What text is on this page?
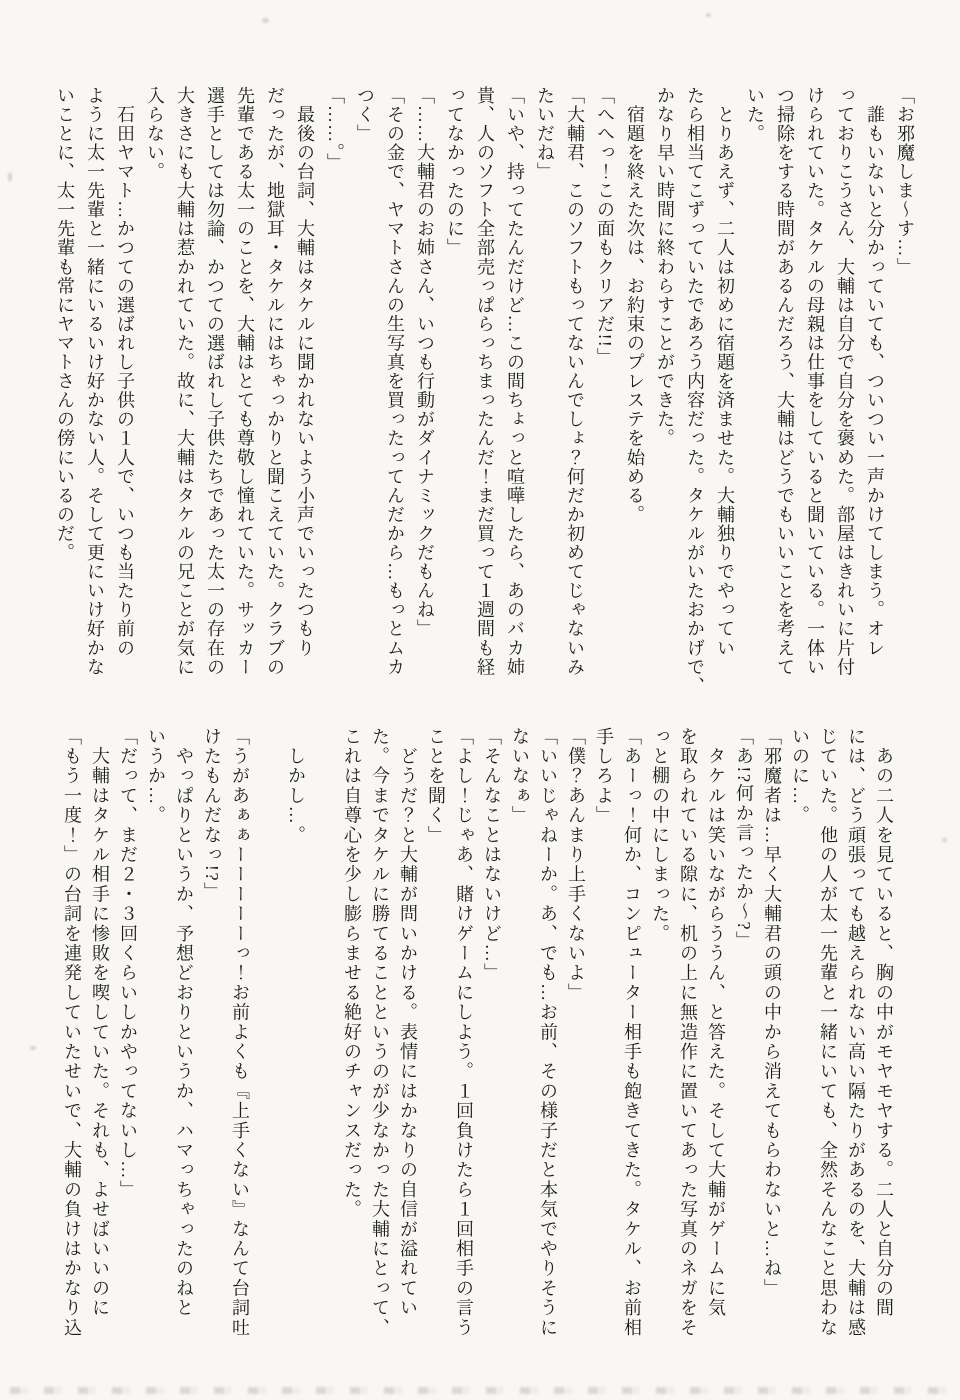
「お邪魔しま～す…」

　誰もいないと分かっていても、ついつい一声かけてしまう。オレ

っておりこうさん、大輔は自分で自分を褒めた。部屋はきれいに片付

けられていた。タケルの母親は仕事をしていると聞いている。一体い

つ掃除をする時間があるんだろう、大輔はどうでもいいことを考えて

いた。

　とりあえず、二人は初めに宿題を済ませた。大輔独りでやってい

たら相当てこずっていたであろう内容だった。タケルがいたおかげで、

かなり早い時間に終わらすことができた。

　宿題を終えた次は、お約束のプレステを始める。

「へへっ！この面もクリアだ!!」

「大輔君、このソフトもってないんでしょ？何だか初めてじゃないみ

たいだね」

「いや、持ってたんだけど…この間ちょっと喧嘩したら、あのバカ姉

貴、人のソフト全部売っぱらっちまったんだ！まだ買って１週間も経

ってなかったのに」

「……大輔君のお姉さん、いつも行動がダイナミックだもんね」

「その金で、ヤマトさんの生写真を買ったってんだから…もっとムカ

つく」

「……。」

　最後の台詞、大輔はタケルに聞かれないよう小声でいったつもり

だったが、地獄耳・タケルにはちゃっかりと聞こえていた。クラブの

先輩である太一のことを、大輔はとても尊敬し憧れていた。サッカー

選手としては勿論、かつての選ばれし子供たちであった太一の存在の

大きさにも大輔は惹かれていた。故に、大輔はタケルの兄ことが気に

入らない。

　石田ヤマト…かつての選ばれし子供の１人で、いつも当たり前の

ように太一先輩と一緒にいるいけ好かない人。そして更にいけ好かな

いことに、太一先輩も常にヤマトさんの傍にいるのだ。

　あの二人を見ていると、胸の中がモヤモヤする。二人と自分の間

には、どう頑張っても越えられない高い隔たりがあるのを、大輔は感

じていた。他の人が太一先輩と一緒にいても、全然そんなこと思わな

いのに…。

「邪魔者は…早く大輔君の頭の中から消えてもらわないと…ね」

「あ!?何か言ったか～?」

　タケルは笑いながらううん、と答えた。そして大輔がゲームに気

を取られている隙に、机の上に無造作に置いてあった写真のネガをそ

っと棚の中にしまった。

「あーっ！何か、コンピューター相手も飽きてきた。タケル、お前相

手しろよ」

「僕？あんまり上手くないよ」

「いいじゃねーか。あ、でも…お前、その様子だと本気でやりそうに

ないなぁ」

「そんなことはないけど…」

「よし！じゃあ、賭けゲームにしよう。１回負けたら１回相手の言う

ことを聞く」

　どうだ？と大輔が問いかける。表情にはかなりの自信が溢れてい

た。今までタケルに勝てることというのが少なかった大輔にとって、

これは自尊心を少し膨らませる絶好のチャンスだった。

　しかし…。

「うがあぁぁーーーーーっ！お前よくも『上手くない』なんて台詞吐

けたもんだなっ!?」

　やっぱりというか、予想どおりというか、ハマっちゃったのねと

いうか…。

「だって、まだ２・３回くらいしかやってないし…」

　大輔はタケル相手に惨敗を喫していた。それも、よせばいいのに

「もう一度！」の台詞を連発していたせいで、大輔の負けはかなり込
